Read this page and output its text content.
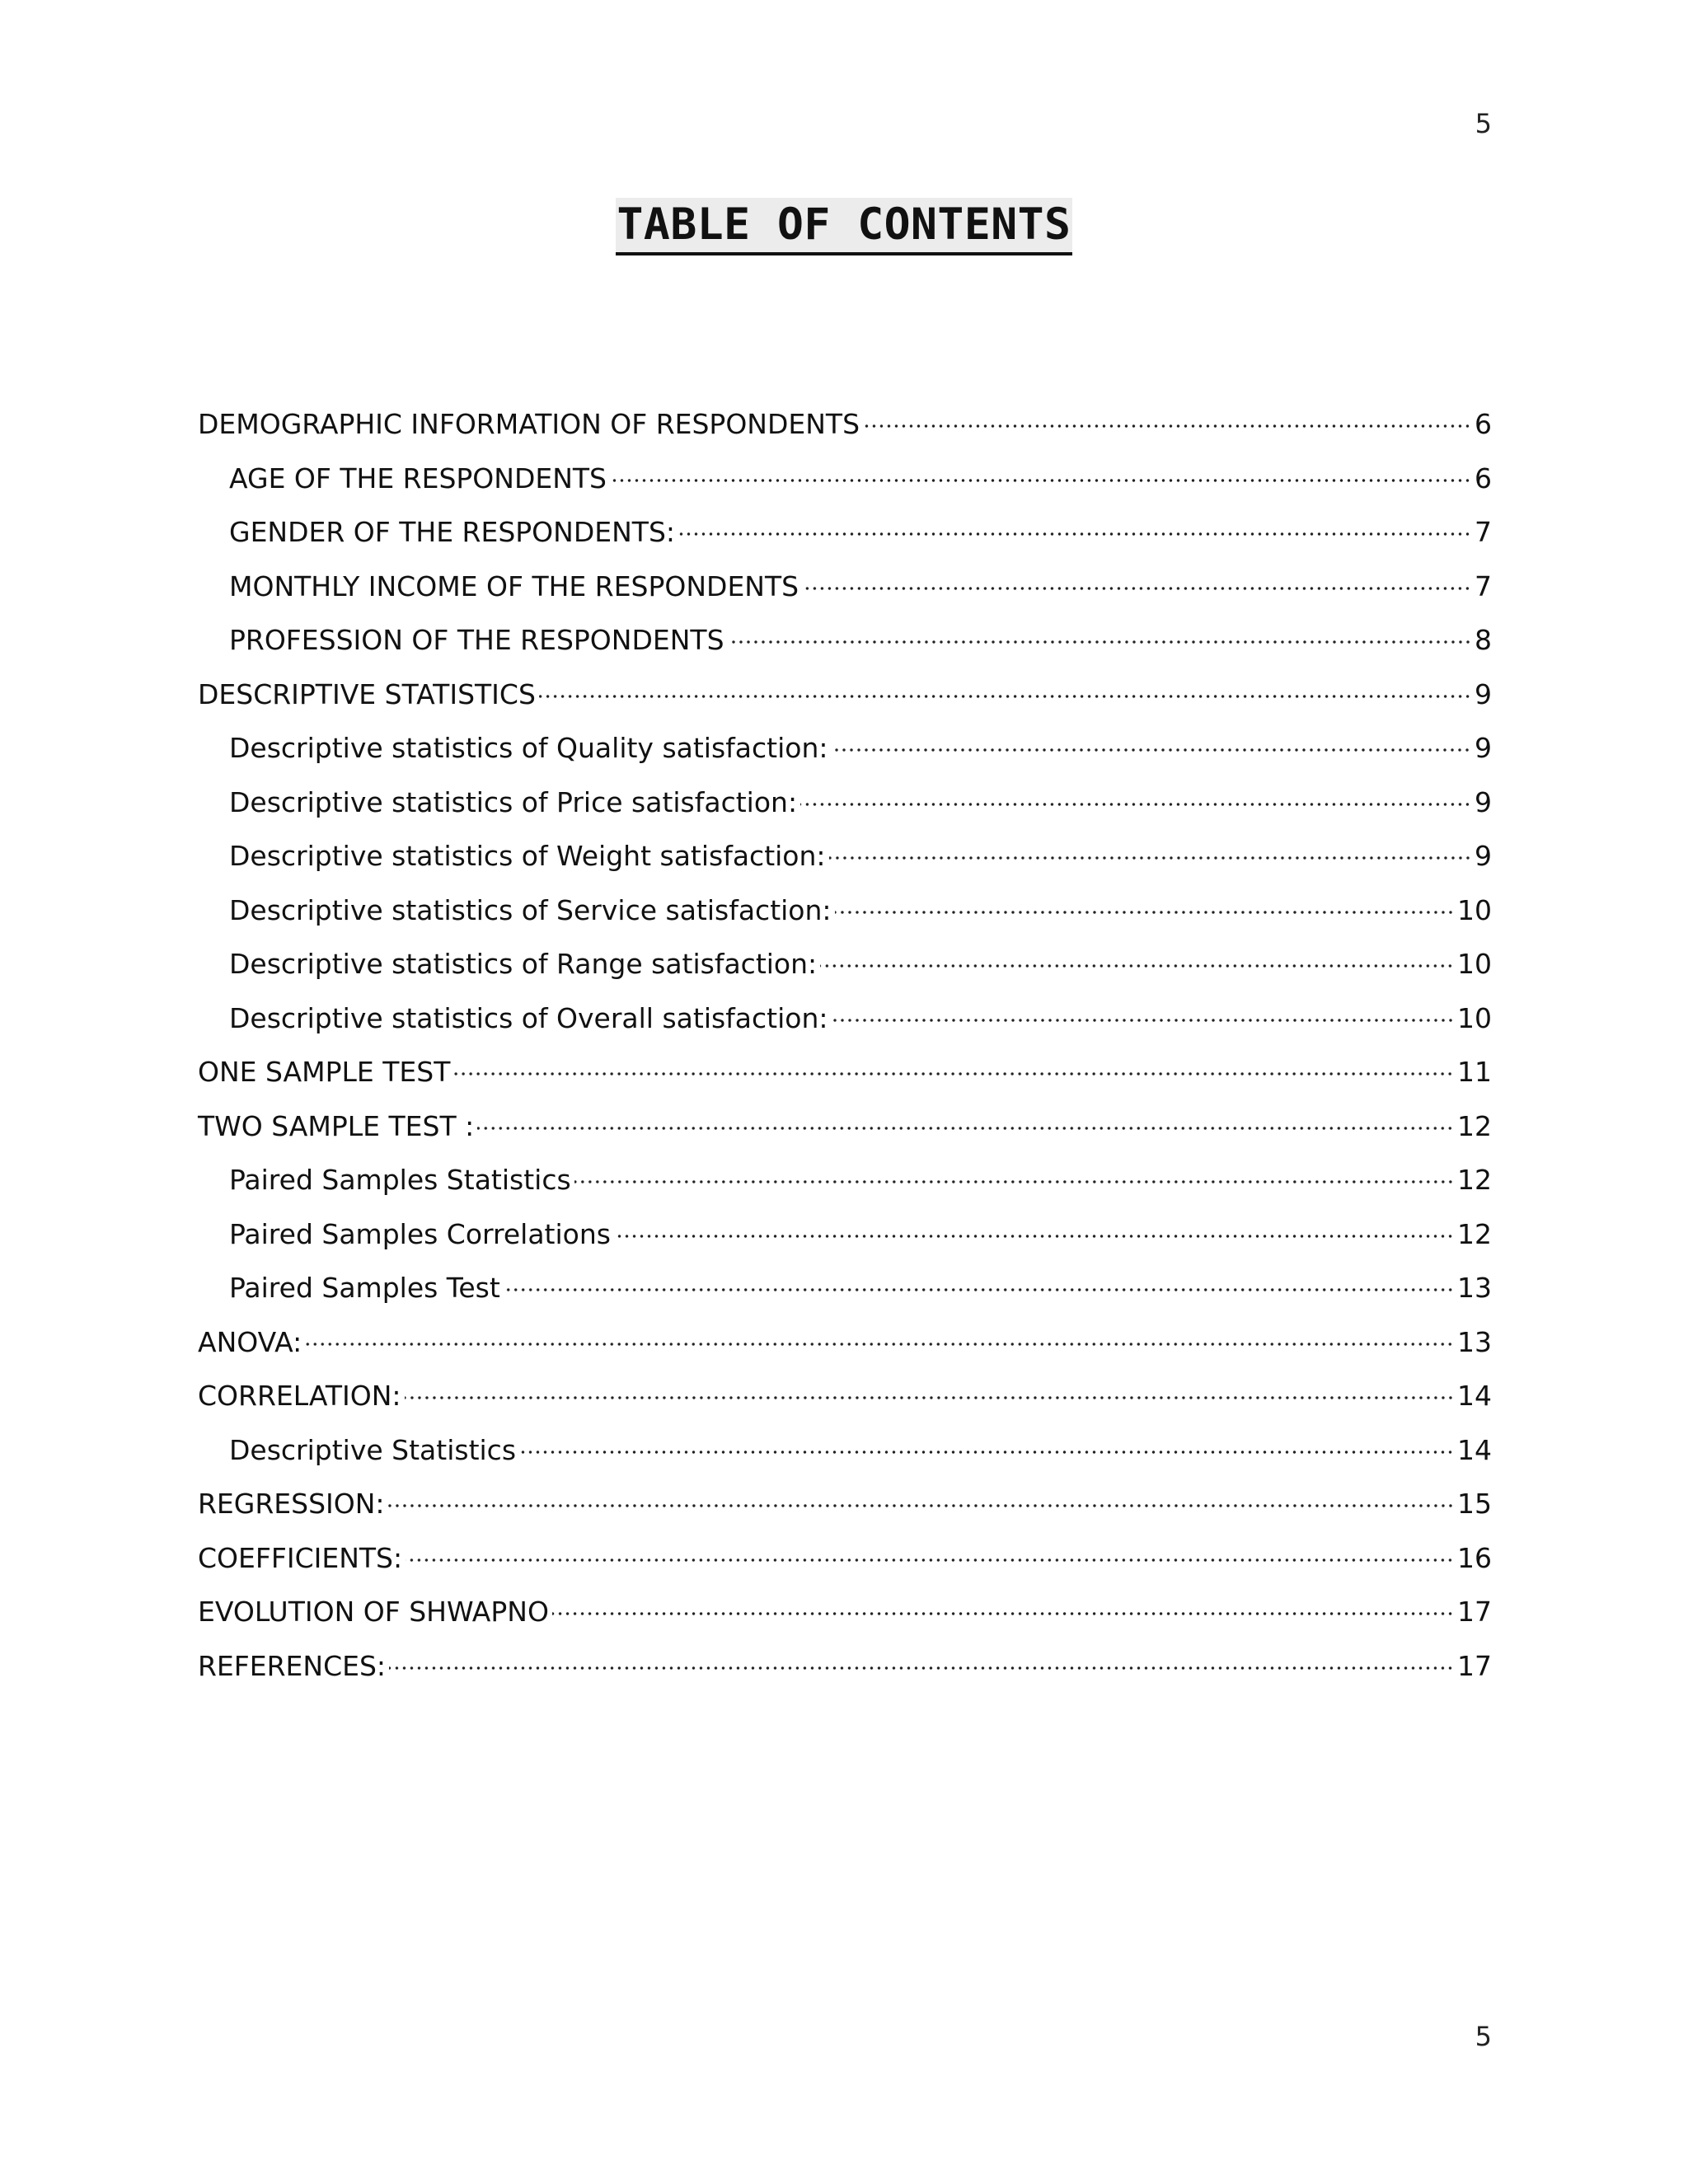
5
TABLE OF CONTENTS
DEMOGRAPHIC INFORMATION OF RESPONDENTS	6
AGE OF THE RESPONDENTS	6
GENDER OF THE RESPONDENTS:	7
MONTHLY INCOME OF THE RESPONDENTS	7
PROFESSION OF THE RESPONDENTS	8
DESCRIPTIVE STATISTICS	9
Descriptive statistics of Quality satisfaction:	9
Descriptive statistics of Price satisfaction:	9
Descriptive statistics of Weight satisfaction:	9
Descriptive statistics of Service satisfaction:	10
Descriptive statistics of Range satisfaction:	10
Descriptive statistics of Overall satisfaction:	10
ONE SAMPLE TEST	11
TWO SAMPLE TEST :	12
Paired Samples Statistics	12
Paired Samples Correlations	12
Paired Samples Test	13
ANOVA:	13
CORRELATION:	14
Descriptive Statistics	14
REGRESSION:	15
COEFFICIENTS:	16
EVOLUTION OF SHWAPNO	17
REFERENCES:	17
5
